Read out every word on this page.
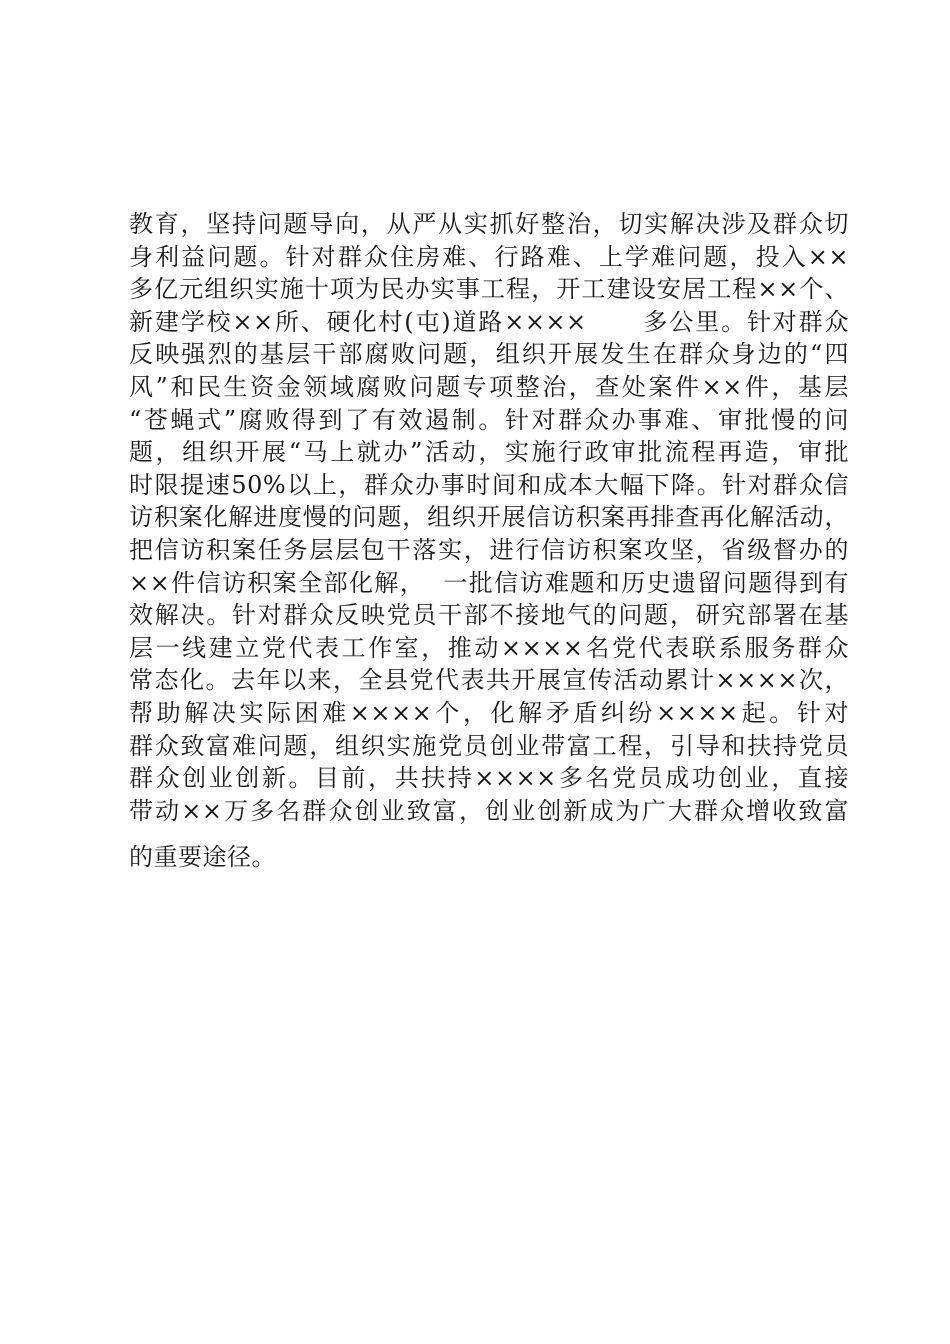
教育，坚持问题导向，从严从实抓好整治，切实解决涉及群众切
身利益问题。针对群众住房难、行路难、上学难问题，投入××
多亿元组织实施十项为民办实事工程，开工建设安居工程××个、
新建学校××所、硬化村(屯)道路××××      多公里。针对群众
反映强烈的基层干部腐败问题，组织开展发生在群众身边的“四
风”和民生资金领域腐败问题专项整治，查处案件××件，基层
“苍蝇式”腐败得到了有效遏制。针对群众办事难、审批慢的问
题，组织开展“马上就办”活动，实施行政审批流程再造，审批
时限提速50%以上，群众办事时间和成本大幅下降。针对群众信
访积案化解进度慢的问题，组织开展信访积案再排查再化解活动，
把信访积案任务层层包干落实，进行信访积案攻坚，省级督办的
××件信访积案全部化解，  一批信访难题和历史遗留问题得到有
效解决。针对群众反映党员干部不接地气的问题，研究部署在基
层一线建立党代表工作室，推动××××名党代表联系服务群众
常态化。去年以来，全县党代表共开展宣传活动累计××××次，
帮助解决实际困难××××个，化解矛盾纠纷××××起。针对
群众致富难问题，组织实施党员创业带富工程，引导和扶持党员
群众创业创新。目前，共扶持××××多名党员成功创业，直接
带动××万多名群众创业致富，创业创新成为广大群众增收致富
的重要途径。
